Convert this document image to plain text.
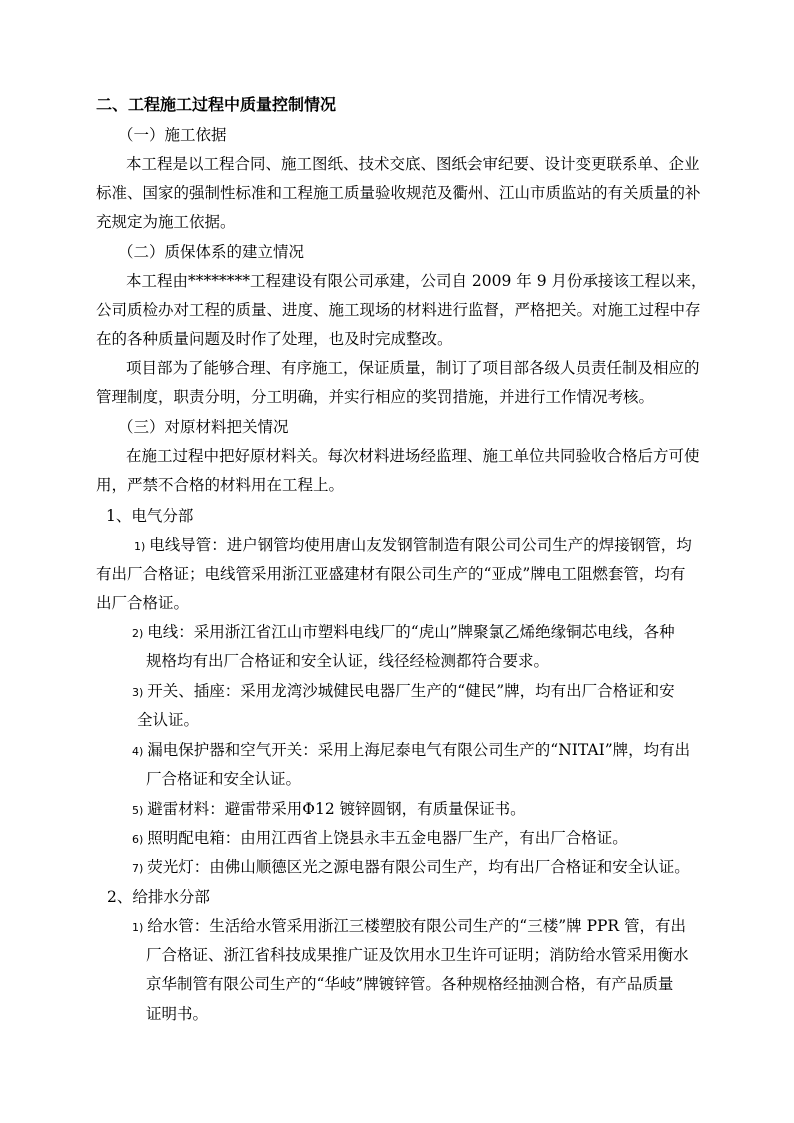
二、工程施工过程中质量控制情况
（一）施工依据
本工程是以工程合同、施工图纸、技术交底、图纸会审纪要、设计变更联系单、企业
标准、国家的强制性标准和工程施工质量验收规范及衢州、江山市质监站的有关质量的补
充规定为施工依据。
（二）质保体系的建立情况
本工程由********工程建设有限公司承建，公司自 2009 年 9 月份承接该工程以来，
公司质检办对工程的质量、进度、施工现场的材料进行监督，严格把关。对施工过程中存
在的各种质量问题及时作了处理，也及时完成整改。
项目部为了能够合理、有序施工，保证质量，制订了项目部各级人员责任制及相应的
管理制度，职责分明，分工明确，并实行相应的奖罚措施，并进行工作情况考核。
（三）对原材料把关情况
在施工过程中把好原材料关。每次材料进场经监理、施工单位共同验收合格后方可使
用，严禁不合格的材料用在工程上。
1、电气分部
1) 电线导管：进户钢管均使用唐山友发钢管制造有限公司公司生产的焊接钢管，均
有出厂合格证；电线管采用浙江亚盛建材有限公司生产的“亚成”牌电工阻燃套管，均有
出厂合格证。
2) 电线：采用浙江省江山市塑料电线厂的“虎山”牌聚氯乙烯绝缘铜芯电线，各种
规格均有出厂合格证和安全认证，线径经检测都符合要求。
3) 开关、插座：采用龙湾沙城健民电器厂生产的“健民”牌，均有出厂合格证和安
全认证。
4) 漏电保护器和空气开关：采用上海尼泰电气有限公司生产的“NITAI”牌，均有出
厂合格证和安全认证。
5) 避雷材料：避雷带采用Φ12 镀锌圆钢，有质量保证书。
6) 照明配电箱：由用江西省上饶县永丰五金电器厂生产，有出厂合格证。
7) 荧光灯：由佛山顺德区光之源电器有限公司生产，均有出厂合格证和安全认证。
2、给排水分部
1) 给水管：生活给水管采用浙江三楼塑胶有限公司生产的“三楼”牌 PPR 管，有出
厂合格证、浙江省科技成果推广证及饮用水卫生许可证明；消防给水管采用衡水
京华制管有限公司生产的“华岐”牌镀锌管。各种规格经抽测合格，有产品质量
证明书。
